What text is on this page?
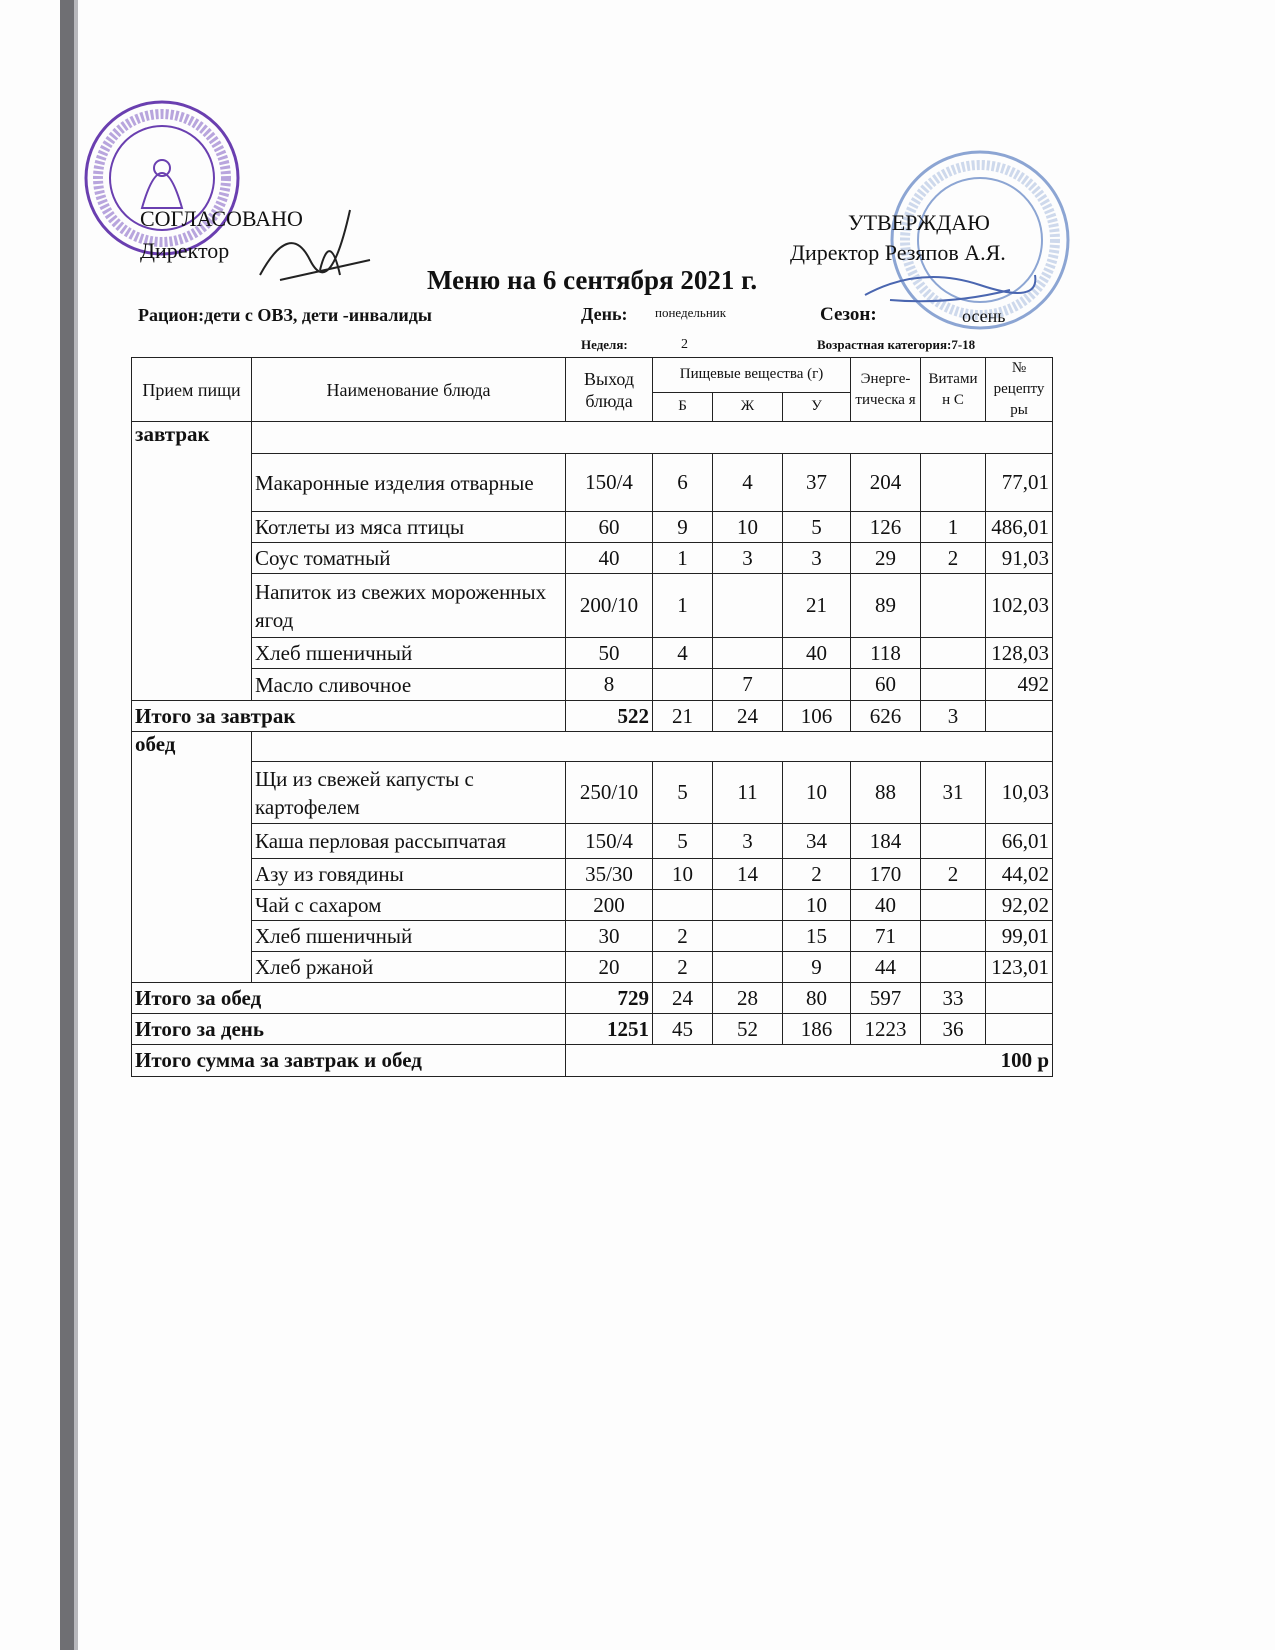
СОГЛАСОВАНО
Директор
УТВЕРЖДАЮ
Директор Резяпов А.Я.
Меню на 6 сентября 2021 г.
Рацион:дети с ОВЗ, дети -инвалиды	День: понедельник	Сезон:	осень
Неделя:	2	Возрастная категория:7-18
Прием пищи	Наименование блюда	Выход блюда	Пищевые вещества (г)			Энерге-тическа я	Витами н С	№ рецепту ры
			Б	Ж	У			
завтрак								
	Макаронные изделия отварные	150/4	6	4	37	204		77,01
	Котлеты из мяса птицы	60	9	10	5	126	1	486,01
	Соус томатный	40	1	3	3	29	2	91,03
	Напиток из свежих мороженных ягод	200/10	1		21	89		102,03
	Хлеб пшеничный	50	4		40	118		128,03
	Масло сливочное	8		7		60		492
Итого за завтрак		522	21	24	106	626	3	
обед								
	Щи из свежей капусты с картофелем	250/10	5	11	10	88	31	10,03
	Каша перловая рассыпчатая	150/4	5	3	34	184		66,01
	Азу из говядины	35/30	10	14	2	170	2	44,02
	Чай с сахаром	200			10	40		92,02
	Хлеб пшеничный	30	2		15	71		99,01
	Хлеб ржаной	20	2		9	44		123,01
Итого за обед		729	24	28	80	597	33	
Итого за день		1251	45	52	186	1223	36	
Итого сумма за завтрак и обед		100 р						
